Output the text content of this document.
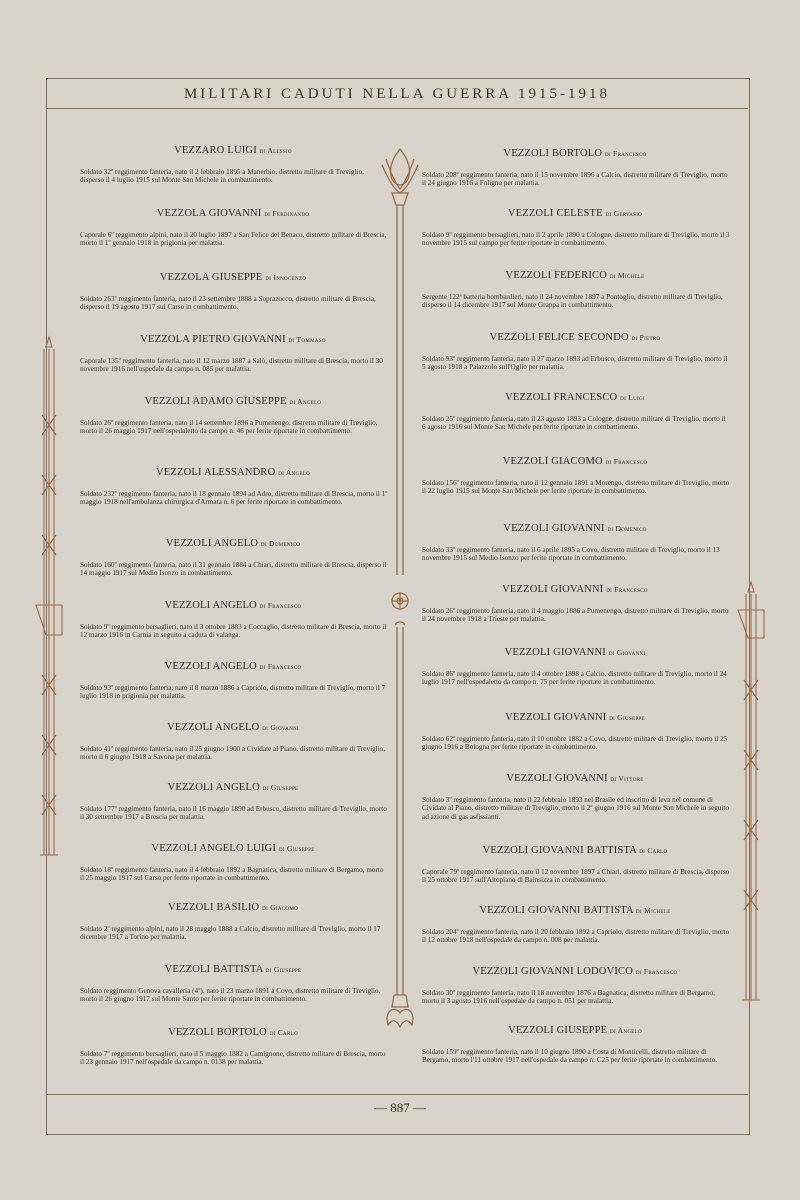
MILITARI CADUTI NELLA GUERRA 1915-1918
VEZZARO LUIGI di Alessio

Soldato 32º reggimento fanteria, nato il 2 febbraio 1895 a Manerbio, distretto militare di Treviglio, disperso il 4 luglio 1915 sul Monte San Michele in combattimento.

VEZZOLA GIOVANNI di Ferdinando

Caporale 6º reggimento alpini, nato il 20 luglio 1897 a San Felice del Benaco, distretto militare di Brescia, morto il 1º gennaio 1918 in prigionia per malattia.

VEZZOLA GIUSEPPE di Innocenzo

Soldato 263º reggimento fanteria, nato il 23 settembre 1888 a Soprazocco, distretto militare di Brescia, disperso il 19 agosto 1917 sul Carso in combattimento.

VEZZOLA PIETRO GIOVANNI di Tommaso

Caporale 135º reggimento fanteria, nato il 12 marzo 1887 a Salò, distretto militare di Brescia, morto il 30 novembre 1916 nell'ospedale da campo n. 085 per malattia.

VEZZOLI ADAMO GIUSEPPE di Angelo

Soldato 26º reggimento fanteria, nato il 14 settembre 1896 a Pumenengo, distretto militare di Treviglio, morto il 26 maggio 1917 nell'ospedaletto da campo n. 46 per ferite riportate in combattimento.

VEZZOLI ALESSANDRO di Angelo

Soldato 232º reggimento fanteria, nato il 18 gennaio 1894 ad Adro, distretto militare di Brescia, morto il 1º maggio 1918 nell'ambulanza chirurgica d'Armata n. 6 per ferite riportate in combattimento.

VEZZOLI ANGELO di Domenico

Soldato 160º reggimento fanteria, nato il 31 gennaio 1884 a Chiari, distretto militare di Brescia, disperso il 14 maggio 1917 sul Medio Isonzo in combattimento.

VEZZOLI ANGELO di Francesco

Soldato 9º reggimento bersaglieri, nato il 3 ottobre 1883 a Coccaglio, distretto militare di Brescia, morto il 12 marzo 1916 in Carnia in seguito a caduta di valanga.

VEZZOLI ANGELO di Francesco

Soldato 93º reggimento fanteria, nato il 8 marzo 1886 a Capriolo, distretto militare di Treviglio, morto il 7 luglio 1918 in prigionia per malattia.

VEZZOLI ANGELO di Giovanni

Soldato 41º reggimento fanteria, nato il 25 giugno 1900 a Cividate al Piano, distretto militare di Treviglio, morto il 6 giugno 1918 a Savona per malattia.

VEZZOLI ANGELO di Giuseppe

Soldato 177º reggimento fanteria, nato il 16 maggio 1890 ad Erbusco, distretto militare di Treviglio, morto il 30 settembre 1917 a Brescia per malattia.

VEZZOLI ANGELO LUIGI di Giuseppe

Soldato 18º reggimento fanteria, nato il 4 febbraio 1892 a Bagnatica, distretto militare di Bergamo, morto il 25 maggio 1917 sul Carso per ferite riportate in combattimento.

VEZZOLI BASILIO di Giacomo

Soldato 2º reggimento alpini, nato il 28 maggio 1888 a Calcio, distretto militare di Treviglio, morto il 17 dicembre 1917 a Torino per malattia.

VEZZOLI BATTISTA di Giuseppe

Soldato reggimento Genova cavalleria (4º), nato il 23 marzo 1891 a Covo, distretto militare di Treviglio, morto il 26 giugno 1917 sul Monte Santo per ferite riportate in combattimento.

VEZZOLI BORTOLO di Carlo

Soldato 7º reggimento bersaglieri, nato il 5 maggio 1882 a Camignone, distretto militare di Brescia, morto il 23 gennaio 1917 nell'ospedale da campo n. 0138 per malattia.

VEZZOLI BORTOLO di Francesco

Soldato 208º reggimento fanteria, nato il 15 novembre 1896 a Calcio, distretto militare di Treviglio, morto il 24 giugno 1916 a Foligno per malattia.

VEZZOLI CELESTE di Gervasio

Soldato 9º reggimento bersaglieri, nato il 2 aprile 1890 a Cologne, distretto militare di Treviglio, morto il 3 novembre 1915 sul campo per ferite riportate in combattimento.

VEZZOLI FEDERICO di Michele

Sergente 122ª batteria bombardieri, nato il 24 novembre 1897 a Pontoglio, distretto militare di Treviglio, disperso il 14 dicembre 1917 sul Monte Grappa in combattimento.

VEZZOLI FELICE SECONDO di Pietro

Soldato 93º reggimento fanteria, nato il 27 marzo 1893 ad Erbusco, distretto militare di Treviglio, morto il 5 agosto 1918 a Palazzolo sull'Oglio per malattia.

VEZZOLI FRANCESCO di Luigi

Soldato 25º reggimento fanteria, nato il 23 agosto 1893 a Cologne, distretto militare di Treviglio, morto il 6 agosto 1916 sul Monte San Michele per ferite riportate in combattimento.

VEZZOLI GIACOMO di Francesco

Soldato 156º reggimento fanteria, nato il 12 gennaio 1891 a Morengo, distretto militare di Treviglio, morto il 22 luglio 1915 sul Monte San Michele per ferite riportate in combattimento.

VEZZOLI GIOVANNI di Domenico

Soldato 33º reggimento fanteria, nato il 6 aprile 1895 a Covo, distretto militare di Treviglio, morto il 13 novembre 1915 sul Medio Isonzo per ferite riportate in combattimento.

VEZZOLI GIOVANNI di Francesco

Soldato 26º reggimento fanteria, nato il 4 maggio 1886 a Pumenengo, distretto militare di Treviglio, morto il 24 novembre 1918 a Trieste per malattia.

VEZZOLI GIOVANNI di Giovanni

Soldato 86º reggimento fanteria, nato il 4 ottobre 1898 a Calcio, distretto militare di Treviglio, morto il 24 luglio 1917 nell'ospedaletto da campo n. 75 per ferite riportate in combattimento.

VEZZOLI GIOVANNI di Giuseppe

Soldato 62º reggimento fanteria, nato il 10 ottobre 1882 a Covo, distretto militare di Treviglio, morto il 25 giugno 1916 a Bologna per ferite riportate in combattimento.

VEZZOLI GIOVANNI di Vittore

Soldato 3º reggimento fanteria, nato il 22 febbraio 1893 nel Brasile ed inscritto di leva nel comune di Cividate al Piano, distretto militare di Treviglio, morto il 2º giugno 1916 sul Monte San Michele in seguito ad azione di gas asfissianti.

VEZZOLI GIOVANNI BATTISTA di Carlo

Caporale 79º reggimento fanteria, nato il 12 novembre 1897 a Chiari, distretto militare di Brescia, disperso il 25 ottobre 1917 sull'Altopiano di Bainsizza in combattimento.

VEZZOLI GIOVANNI BATTISTA di Michele

Soldato 204º reggimento fanteria, nato il 20 febbraio 1892 a Capriolo, distretto militare di Treviglio, morto il 12 ottobre 1918 nell'ospedale da campo n. 008 per malattia.

VEZZOLI GIOVANNI LODOVICO di Francesco

Soldato 30º reggimento fanteria, nato il 18 novembre 1876 a Bagnatica, distretto militare di Bergamo, morto il 3 agosto 1916 nell'ospedale da campo n. 051 per malattia.

VEZZOLI GIUSEPPE di Angelo

Soldato 159º reggimento fanteria, nato il 10 giugno 1890 a Costa di Monticelli, distretto militare di Bergamo, morto l'11 ottobre 1917 nell'ospedale da campo n. C25 per ferite riportate in combattimento.

— 887 —
